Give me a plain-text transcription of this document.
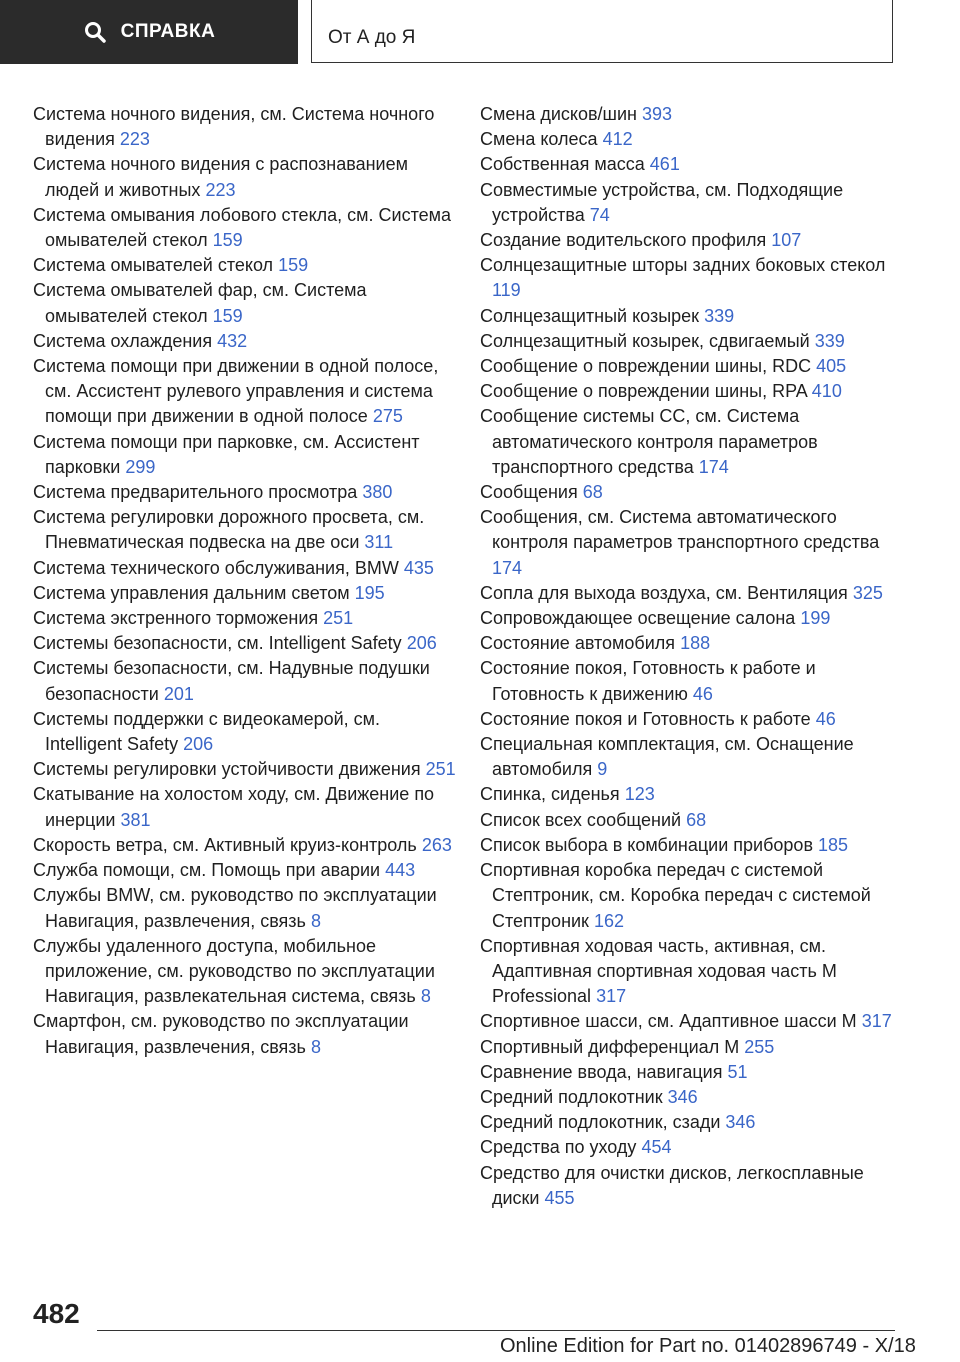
СПРАВКА	От А до Я

Система ночного видения, см. Система ночного видения 223

Система ночного видения с распознаванием людей и животных 223

Система омывания лобового стекла, см. Система омывателей стекол 159

Система омывателей стекол 159

Система омывателей фар, см. Система омывателей стекол 159

Система охлаждения 432

Система помощи при движении в одной полосе, см. Ассистент рулевого управления и система помощи при движении в одной полосе 275

Система помощи при парковке, см. Ассистент парковки 299

Система предварительного просмотра 380

Система регулировки дорожного просвета, см. Пневматическая подвеска на две оси 311

Система технического обслуживания, BMW 435

Система управления дальним светом 195

Система экстренного торможения 251

Системы безопасности, см. Intelligent Safety 206

Системы безопасности, см. Надувные подушки безопасности 201

Системы поддержки с видеокамерой, см. Intelligent Safety 206

Системы регулировки устойчивости движения 251

Скатывание на холостом ходу, см. Движение по инерции 381

Скорость ветра, см. Активный круиз-контроль 263

Служба помощи, см. Помощь при аварии 443

Службы BMW, см. руководство по эксплуатации Навигация, развлечения, связь 8

Службы удаленного доступа, мобильное приложение, см. руководство по эксплуатации Навигация, развлекательная система, связь 8

Смартфон, см. руководство по эксплуатации Навигация, развлечения, связь 8

Смена дисков/шин 393

Смена колеса 412

Собственная масса 461

Совместимые устройства, см. Подходящие устройства 74

Создание водительского профиля 107

Солнцезащитные шторы задних боковых стекол 119

Солнцезащитный козырек 339

Солнцезащитный козырек, сдвигаемый 339

Сообщение о повреждении шины, RDC 405

Сообщение о повреждении шины, RPA 410

Сообщение системы CC, см. Система автоматического контроля параметров транспортного средства 174

Сообщения 68

Сообщения, см. Система автоматического контроля параметров транспортного средства 174

Сопла для выхода воздуха, см. Вентиляция 325

Сопровождающее освещение салона 199

Состояние автомобиля 188

Состояние покоя, Готовность к работе и Готовность к движению 46

Состояние покоя и Готовность к работе 46

Специальная комплектация, см. Оснащение автомобиля 9

Спинка, сиденья 123

Список всех сообщений 68

Список выбора в комбинации приборов 185

Спортивная коробка передач с системой Стептроник, см. Коробка передач с системой Стептроник 162

Спортивная ходовая часть, активная, см. Адаптивная спортивная ходовая часть M Professional 317

Спортивное шасси, см. Адаптивное шасси M 317

Спортивный дифференциал M 255

Сравнение ввода, навигация 51

Средний подлокотник 346

Средний подлокотник, сзади 346

Средства по уходу 454

Средство для очистки дисков, легкосплавные диски 455

482
Online Edition for Part no. 01402896749 - X/18
